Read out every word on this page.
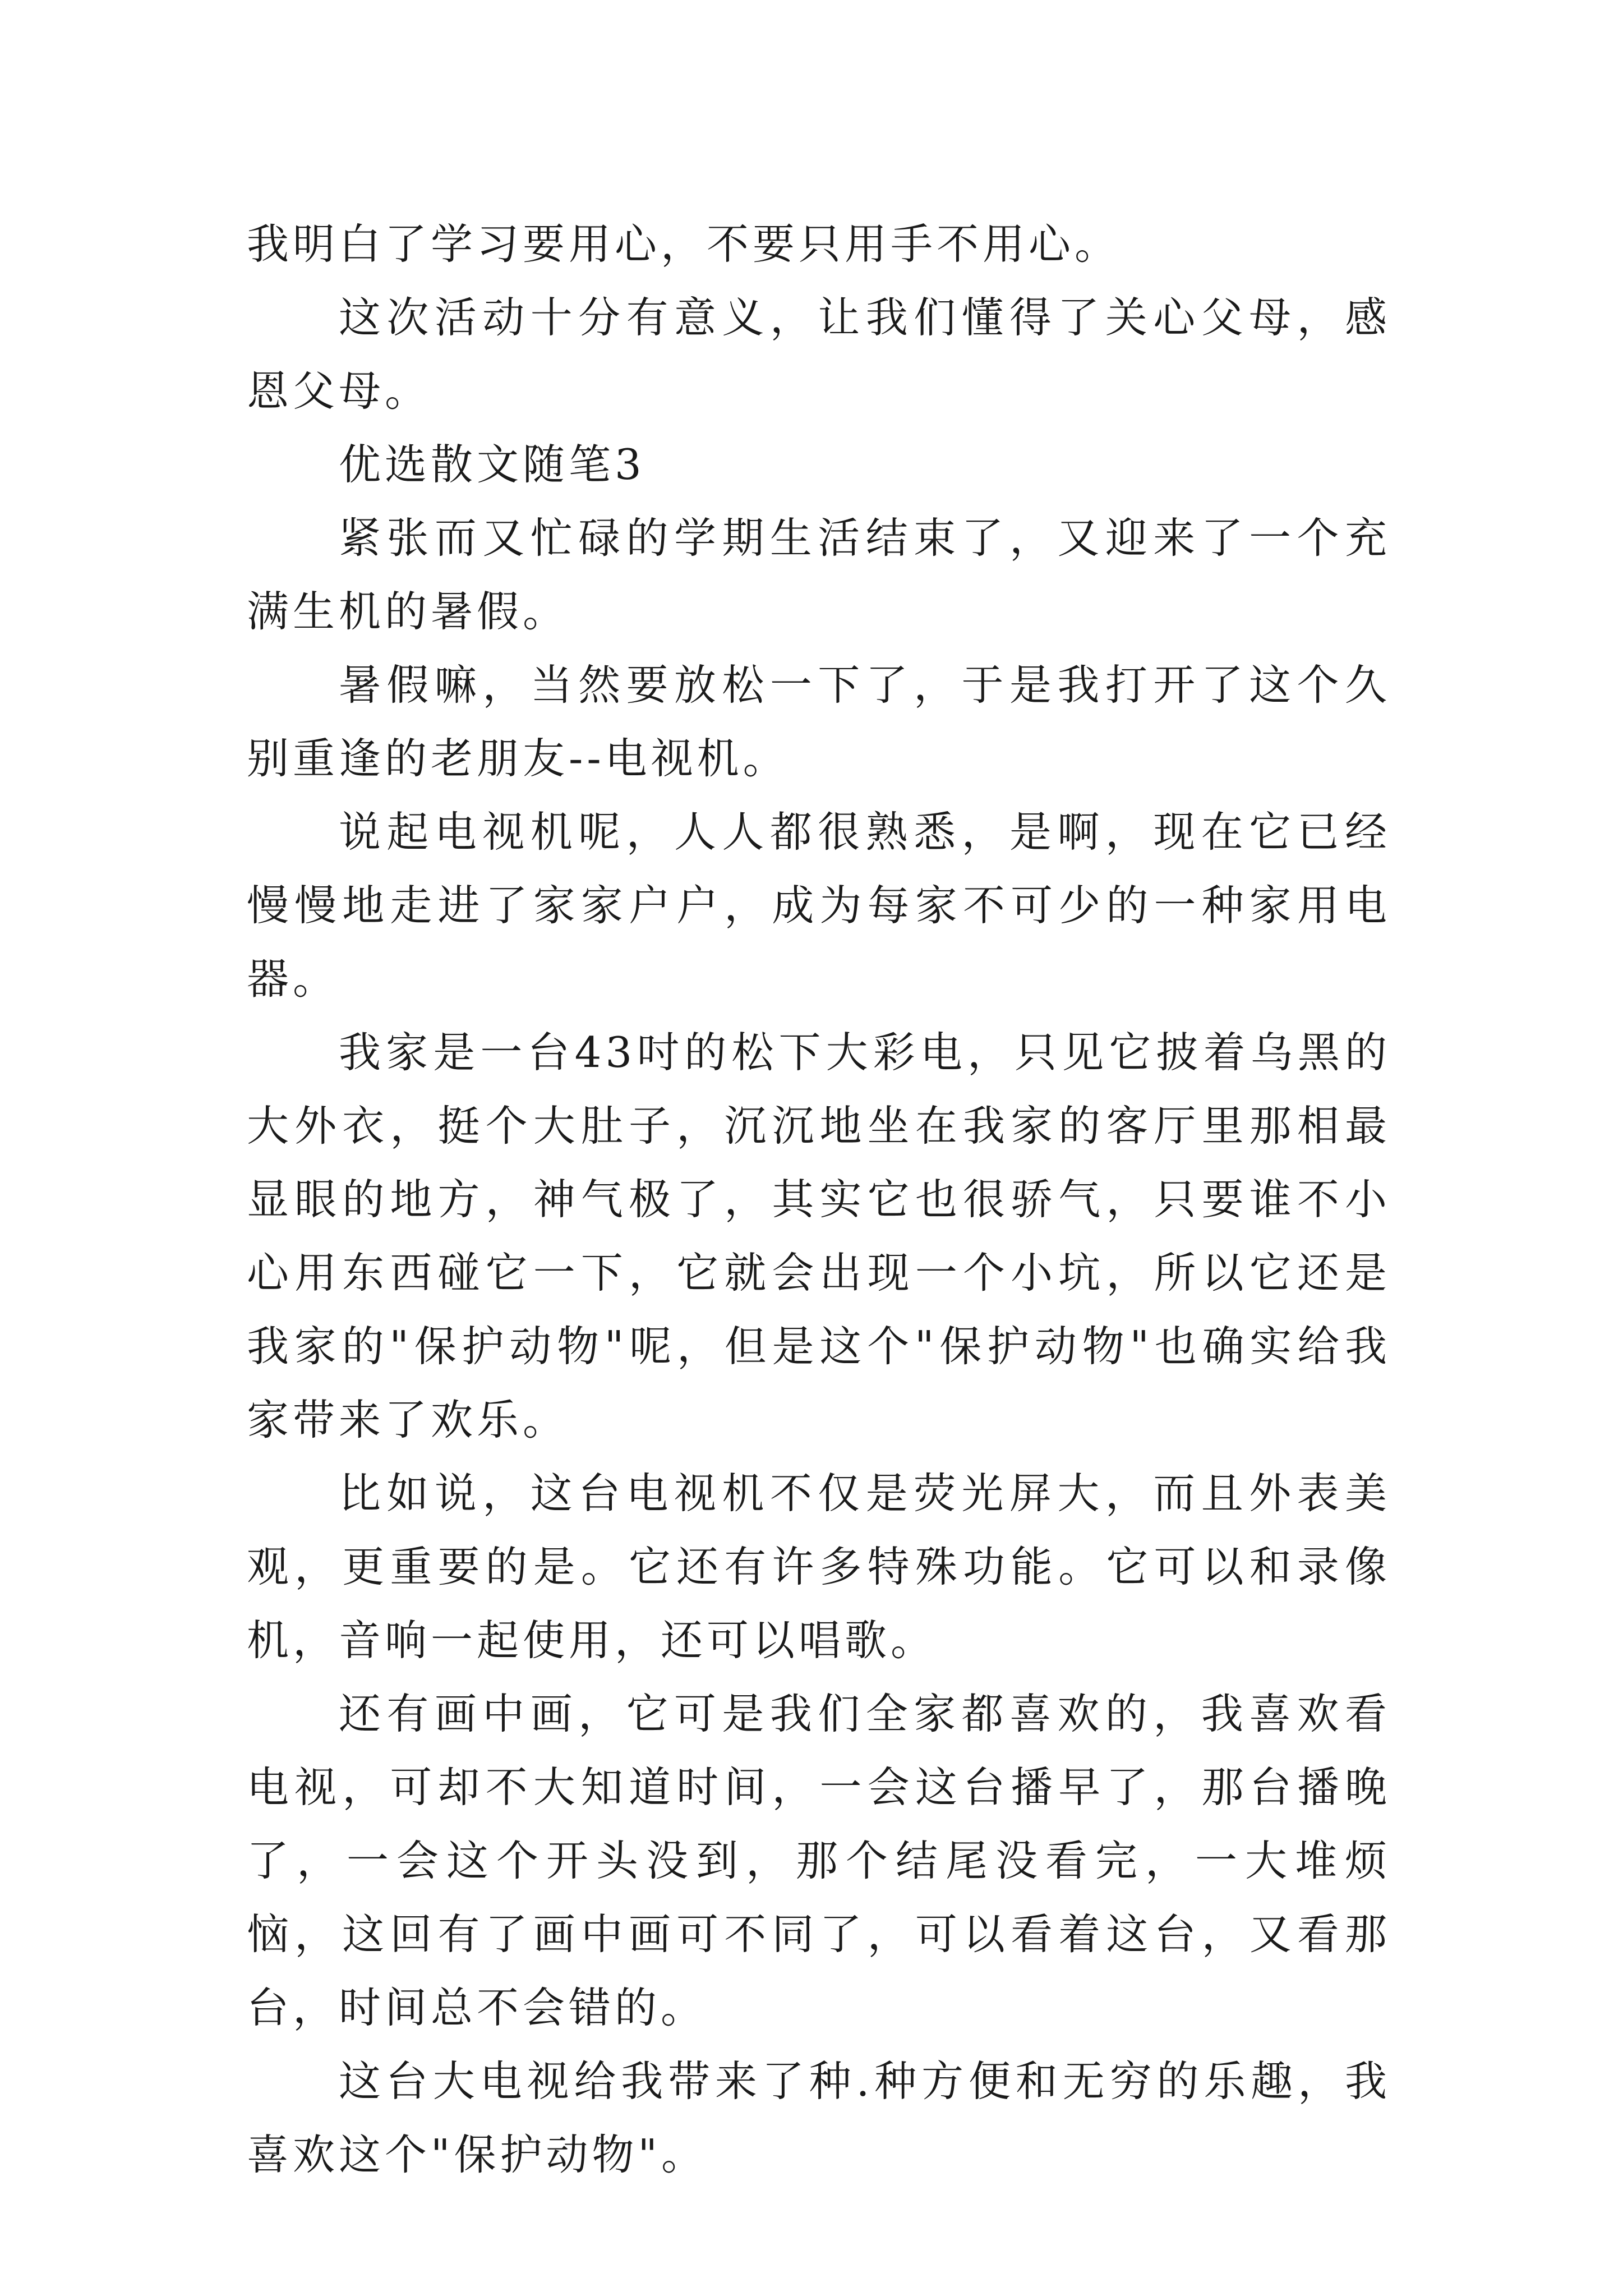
我明白了学习要用心，不要只用手不用心。

这次活动十分有意义，让我们懂得了关心父母，感恩父母。

优选散文随笔3

紧张而又忙碌的学期生活结束了，又迎来了一个充满生机的暑假。

暑假嘛，当然要放松一下了，于是我打开了这个久别重逢的老朋友--电视机。

说起电视机呢，人人都很熟悉，是啊，现在它已经慢慢地走进了家家户户，成为每家不可少的一种家用电器。

我家是一台43吋的松下大彩电，只见它披着乌黑的大外衣，挺个大肚子，沉沉地坐在我家的客厅里那相最显眼的地方，神气极了，其实它也很骄气，只要谁不小心用东西碰它一下，它就会出现一个小坑，所以它还是我家的"保护动物"呢，但是这个"保护动物"也确实给我家带来了欢乐。

比如说，这台电视机不仅是荧光屏大，而且外表美观，更重要的是。它还有许多特殊功能。它可以和录像机，音响一起使用，还可以唱歌。

还有画中画，它可是我们全家都喜欢的，我喜欢看电视，可却不大知道时间，一会这台播早了，那台播晚了，一会这个开头没到，那个结尾没看完，一大堆烦恼，这回有了画中画可不同了，可以看着这台，又看那台，时间总不会错的。

这台大电视给我带来了种.种方便和无穷的乐趣，我喜欢这个"保护动物"。
